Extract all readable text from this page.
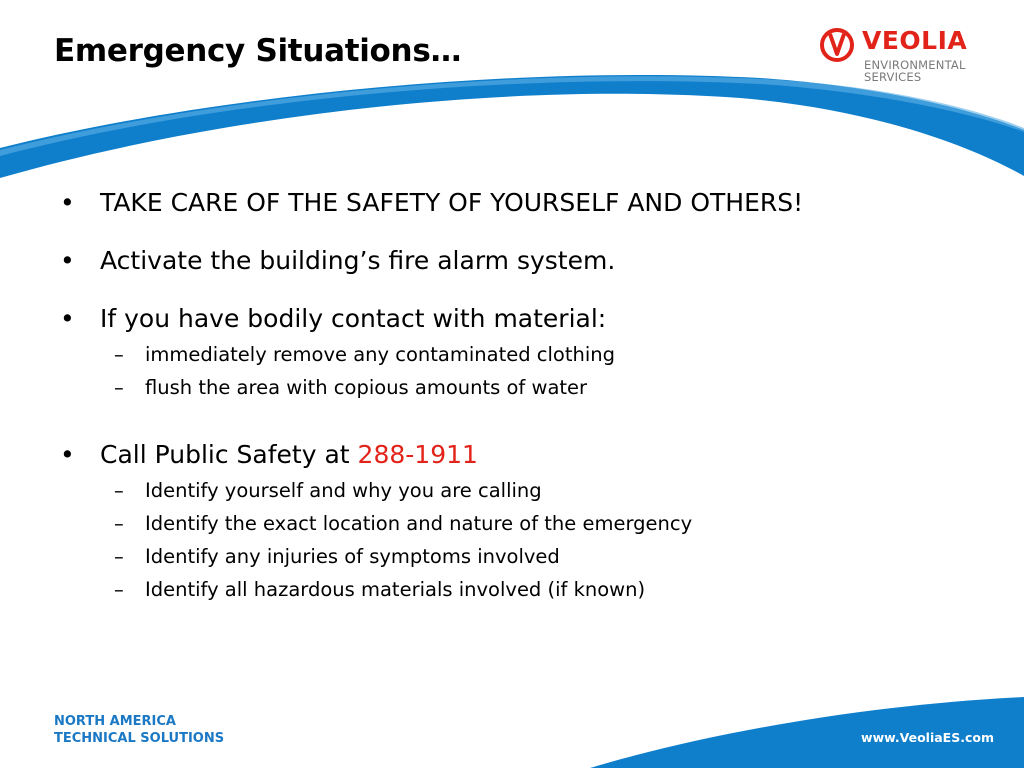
Emergency Situations…	VEOLIA
ENVIRONMENTAL
SERVICES
• TAKE CARE OF THE SAFETY OF YOURSELF AND OTHERS!
• Activate the building’s fire alarm system.
• If you have bodily contact with material:
– immediately remove any contaminated clothing
– flush the area with copious amounts of water
• Call Public Safety at 288-1911
– Identify yourself and why you are calling
– Identify the exact location and nature of the emergency
– Identify any injuries of symptoms involved
– Identify all hazardous materials involved (if known)
NORTH AMERICA
TECHNICAL SOLUTIONS	www.VeoliaES.com
